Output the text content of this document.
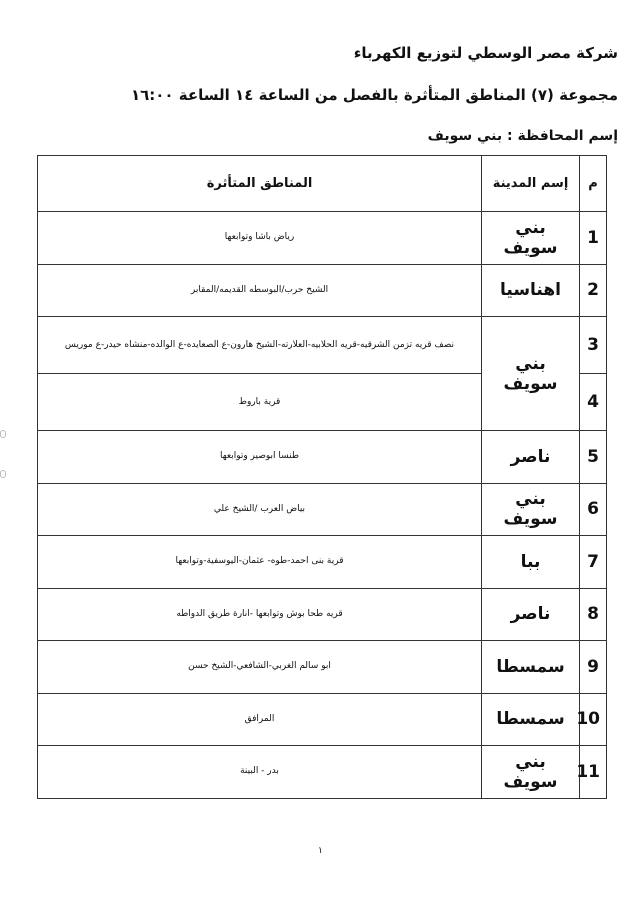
شركة مصر الوسطي لتوزيع الكهرباء
مجموعة (٧) المناطق المتأثرة بالفصل من الساعة ١٤ الساعة ١٦:٠٠
إسم المحافظة : بني سويف
م	إسم المدينة	المناطق المتأثرة
1	بني سويف	رياض باشا وتوابعها
2	اهناسيا	الشيخ حرب/البوسطه القديمه/المقابر
3	بني سويف	نصف قريه تزمن الشرقيه-قريه الحلابيه-العلارته-الشيخ هارون-ع الصعايده-ع الوالده-منشاه حيدر-ع موريس
4		قرية باروط
5	ناصر	طنسا ابوصير وتوابعها
6	بني سويف	بياض العرب /الشيخ علي
7	ببا	قرية بنى احمد-طوه- عثمان-اليوسفية-وتوابعها
8	ناصر	قريه طحا بوش وتوابعها -انارة طريق الدواطه
9	سمسطا	ابو سالم الغربي-الشافعي-الشيخ حسن
10	سمسطا	المرافق
11	بني سويف	بدر - البينة
١
